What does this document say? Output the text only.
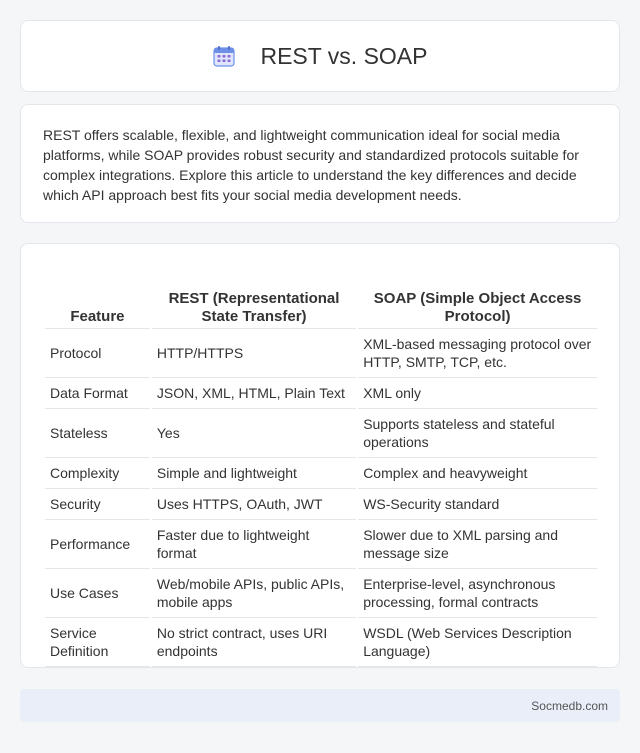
REST vs. SOAP

REST offers scalable, flexible, and lightweight communication ideal for social media platforms, while SOAP provides robust security and standardized protocols suitable for complex integrations. Explore this article to understand the key differences and decide which API approach best fits your social media development needs.

Feature	REST (Representational State Transfer)	SOAP (Simple Object Access Protocol)
Protocol	HTTP/HTTPS	XML-based messaging protocol over HTTP, SMTP, TCP, etc.
Data Format	JSON, XML, HTML, Plain Text	XML only
Stateless	Yes	Supports stateless and stateful operations
Complexity	Simple and lightweight	Complex and heavyweight
Security	Uses HTTPS, OAuth, JWT	WS-Security standard
Performance	Faster due to lightweight format	Slower due to XML parsing and message size
Use Cases	Web/mobile APIs, public APIs, mobile apps	Enterprise-level, asynchronous processing, formal contracts
Service Definition	No strict contract, uses URI endpoints	WSDL (Web Services Description Language)
Socmedb.com
